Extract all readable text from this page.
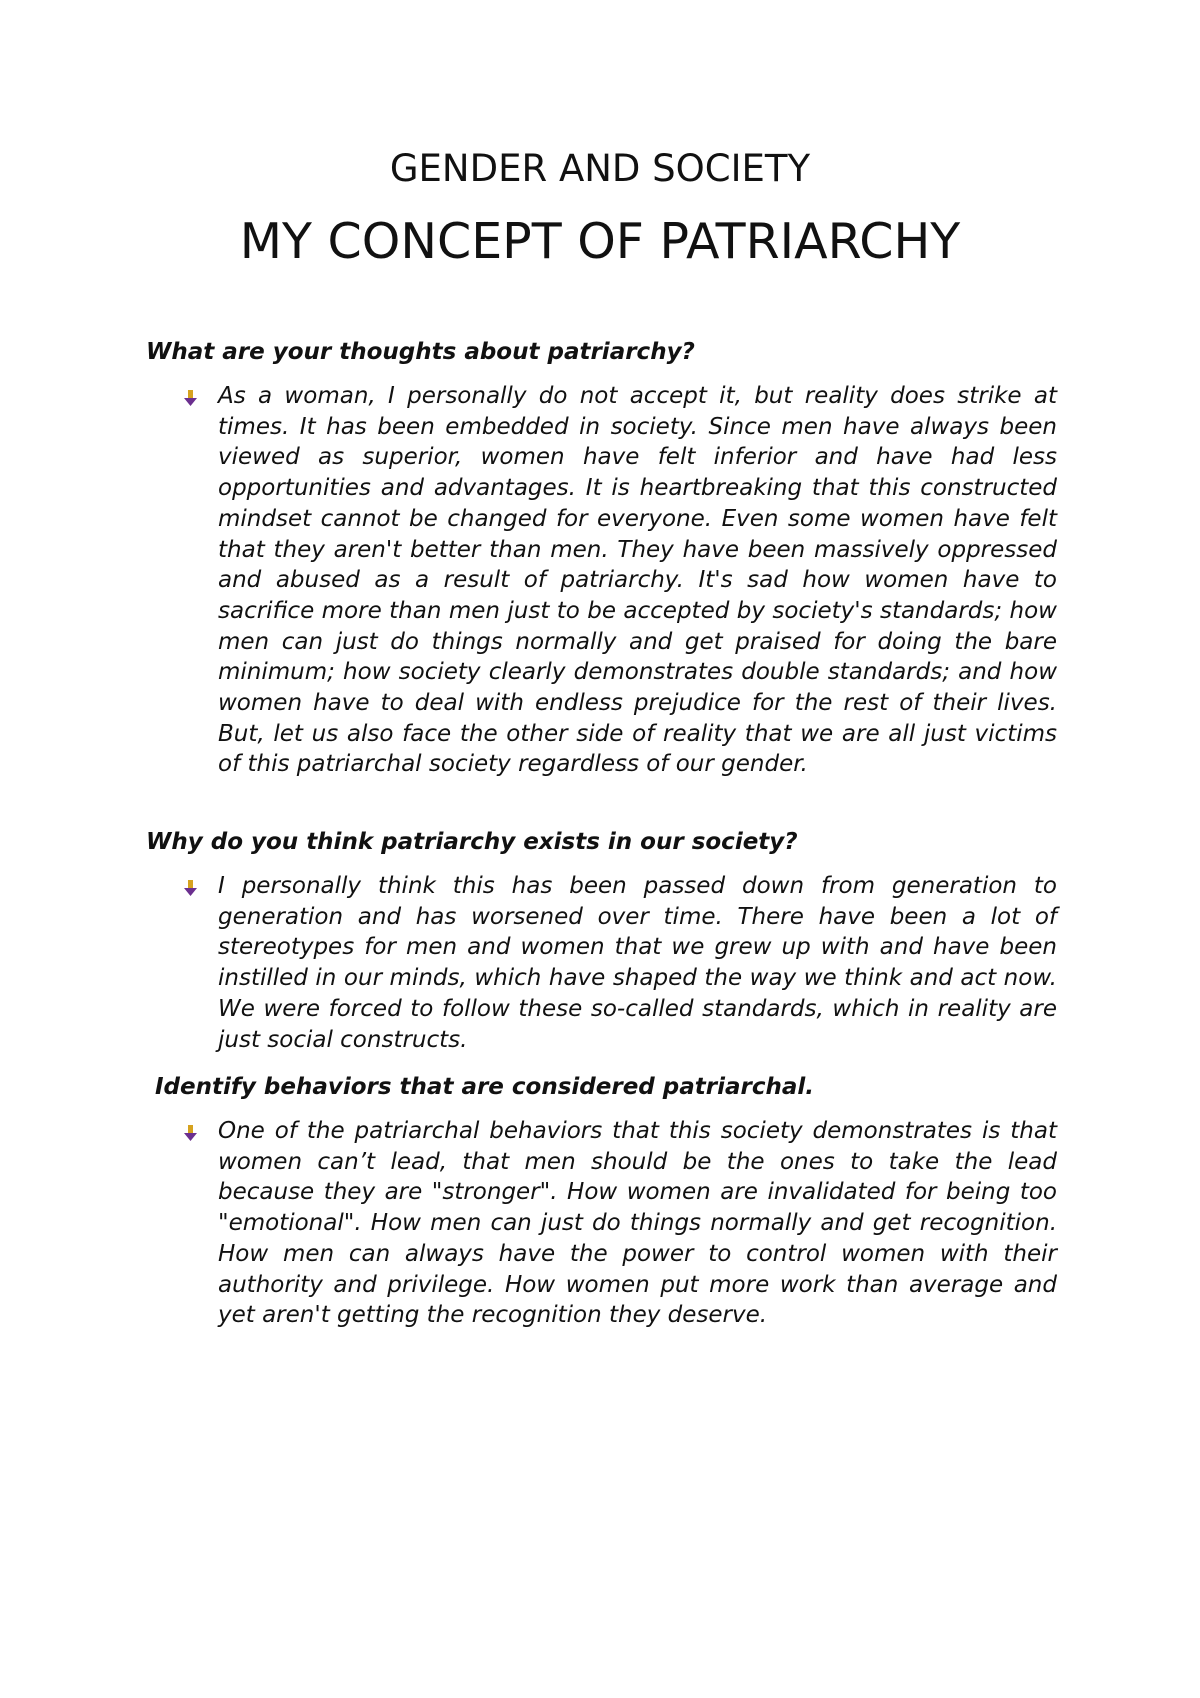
GENDER AND SOCIETY
MY CONCEPT OF PATRIARCHY

What are your thoughts about patriarchy?

As a woman, I personally do not accept it, but reality does strike at times. It has been embedded in society. Since men have always been viewed as superior, women have felt inferior and have had less opportunities and advantages. It is heartbreaking that this constructed mindset cannot be changed for everyone. Even some women have felt that they aren't better than men. They have been massively oppressed and abused as a result of patriarchy. It's sad how women have to sacrifice more than men just to be accepted by society's standards; how men can just do things normally and get praised for doing the bare minimum; how society clearly demonstrates double standards; and how women have to deal with endless prejudice for the rest of their lives. But, let us also face the other side of reality that we are all just victims of this patriarchal society regardless of our gender.

Why do you think patriarchy exists in our society?

I personally think this has been passed down from generation to generation and has worsened over time. There have been a lot of stereotypes for men and women that we grew up with and have been instilled in our minds, which have shaped the way we think and act now. We were forced to follow these so-called standards, which in reality are just social constructs.

Identify behaviors that are considered patriarchal.

One of the patriarchal behaviors that this society demonstrates is that women can’t lead, that men should be the ones to take the lead because they are "stronger". How women are invalidated for being too "emotional". How men can just do things normally and get recognition. How men can always have the power to control women with their authority and privilege. How women put more work than average and yet aren't getting the recognition they deserve.
